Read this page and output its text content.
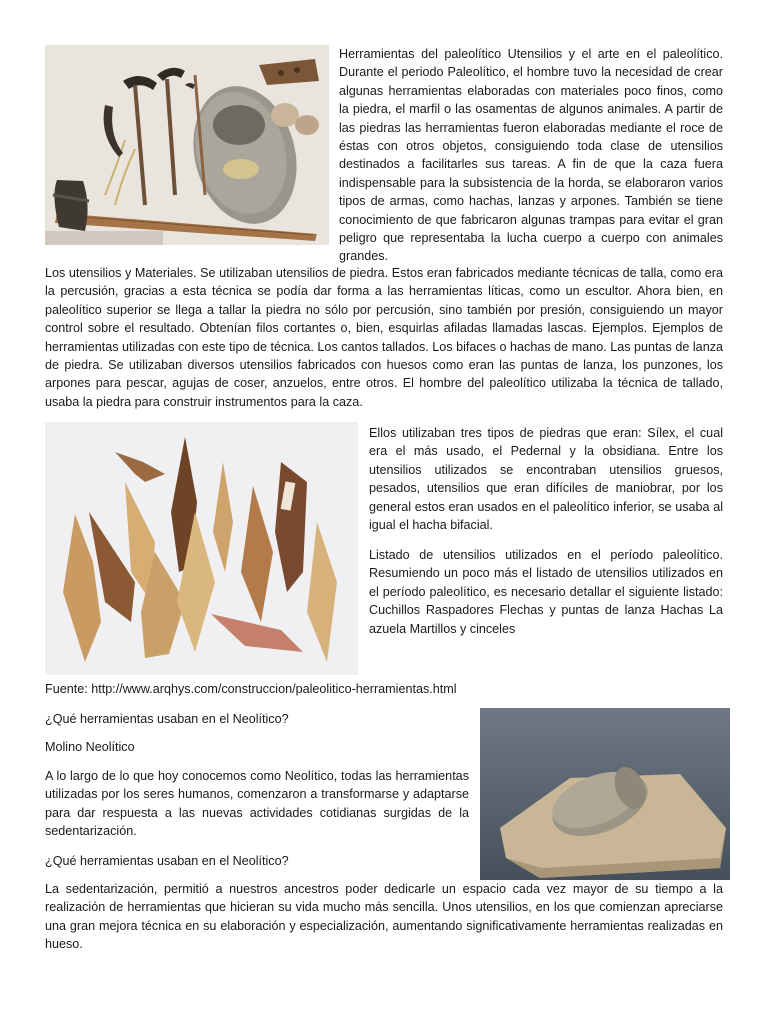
Herramientas del paleolítico Utensilios y el arte en el paleolítico. Durante el periodo Paleolítico, el hombre tuvo la necesidad de crear algunas herramientas elaboradas con materiales poco finos, como la piedra, el marfil o las osamentas de algunos animales. A partir de las piedras las herramientas fueron elaboradas mediante el roce de éstas con otros objetos, consiguiendo toda clase de utensilios destinados a facilitarles sus tareas. A fin de que la caza fuera indispensable para la subsistencia de la horda, se elaboraron varios tipos de armas, como hachas, lanzas y arpones. También se tiene conocimiento de que fabricaron algunas trampas para evitar el gran peligro que representaba la lucha cuerpo a cuerpo con animales grandes.

Los utensilios y Materiales. Se utilizaban utensilios de piedra. Estos eran fabricados mediante técnicas de talla, como era la percusión, gracias a esta técnica se podía dar forma a las herramientas líticas, como un escultor. Ahora bien, en paleolítico superior se llega a tallar la piedra no sólo por percusión, sino también por presión, consiguiendo un mayor control sobre el resultado. Obtenían filos cortantes o, bien, esquirlas afiladas llamadas lascas. Ejemplos. Ejemplos de herramientas utilizadas con este tipo de técnica. Los cantos tallados. Los bifaces o hachas de mano. Las puntas de lanza de piedra. Se utilizaban diversos utensilios fabricados con huesos como eran las puntas de lanza, los punzones, los arpones para pescar, agujas de coser, anzuelos, entre otros. El hombre del paleolítico utilizaba la técnica de tallado, usaba la piedra para construir instrumentos para la caza.

Ellos utilizaban tres tipos de piedras que eran: Sílex, el cual era el más usado, el Pedernal y la obsidiana. Entre los utensilios utilizados se encontraban utensilios gruesos, pesados, utensilios que eran difíciles de maniobrar, por los general estos eran usados en el paleolítico inferior, se usaba al igual el hacha bifacial.

Listado de utensilios utilizados en el período paleolítico. Resumiendo un poco más el listado de utensilios utilizados en el período paleolítico, es necesario detallar el siguiente listado: Cuchillos Raspadores Flechas y puntas de lanza Hachas La azuela Martillos y cinceles

Fuente: http://www.arqhys.com/construccion/paleolitico-herramientas.html

¿Qué herramientas usaban en el Neolítico?

Molino Neolítico

A lo largo de lo que hoy conocemos como Neolítico, todas las herramientas utilizadas por los seres humanos, comenzaron a transformarse y adaptarse para dar respuesta a las nuevas actividades cotidianas surgidas de la sedentarización.

¿Qué herramientas usaban en el Neolítico?

La sedentarización, permitió a nuestros ancestros poder dedicarle un espacio cada vez mayor de su tiempo a la realización de herramientas que hicieran su vida mucho más sencilla. Unos utensilios, en los que comienzan apreciarse una gran mejora técnica en su elaboración y especialización, aumentando significativamente herramientas realizadas en hueso.
